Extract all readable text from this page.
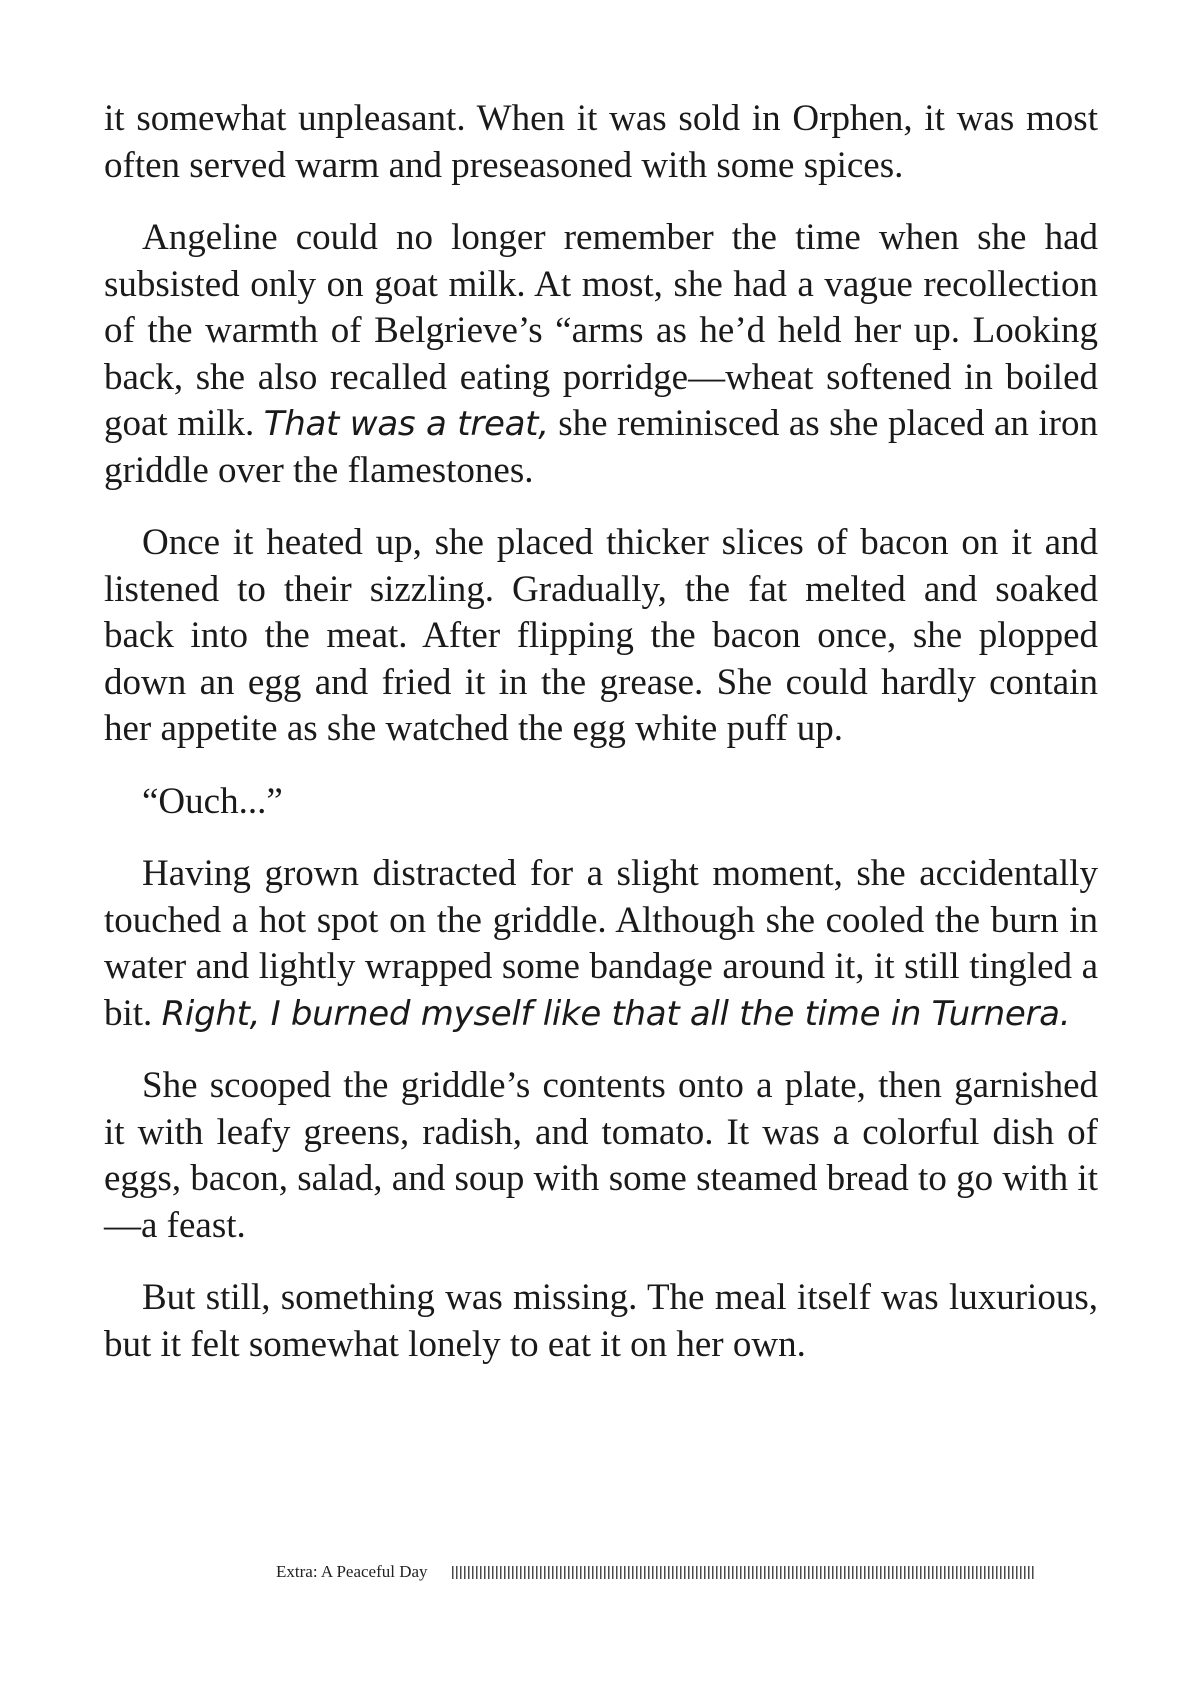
it somewhat unpleasant. When it was sold in Orphen, it was most often served warm and preseasoned with some spices.

Angeline could no longer remember the time when she had subsisted only on goat milk. At most, she had a vague recollection of the warmth of Belgrieve’s “arms as he’d held her up. Looking back, she also recalled eating porridge—wheat softened in boiled goat milk. That was a treat, she reminisced as she placed an iron griddle over the flamestones.

Once it heated up, she placed thicker slices of bacon on it and listened to their sizzling. Gradually, the fat melted and soaked back into the meat. After flipping the bacon once, she plopped down an egg and fried it in the grease. She could hardly contain her appetite as she watched the egg white puff up.

“Ouch...”

Having grown distracted for a slight moment, she accidentally touched a hot spot on the griddle. Although she cooled the burn in water and lightly wrapped some bandage around it, it still tingled a bit. Right, I burned myself like that all the time in Turnera.

She scooped the griddle’s contents onto a plate, then garnished it with leafy greens, radish, and tomato. It was a colorful dish of eggs, bacon, salad, and soup with some steamed bread to go with it—a feast.

But still, something was missing. The meal itself was luxurious, but it felt somewhat lonely to eat it on her own.

Extra: A Peaceful Day
